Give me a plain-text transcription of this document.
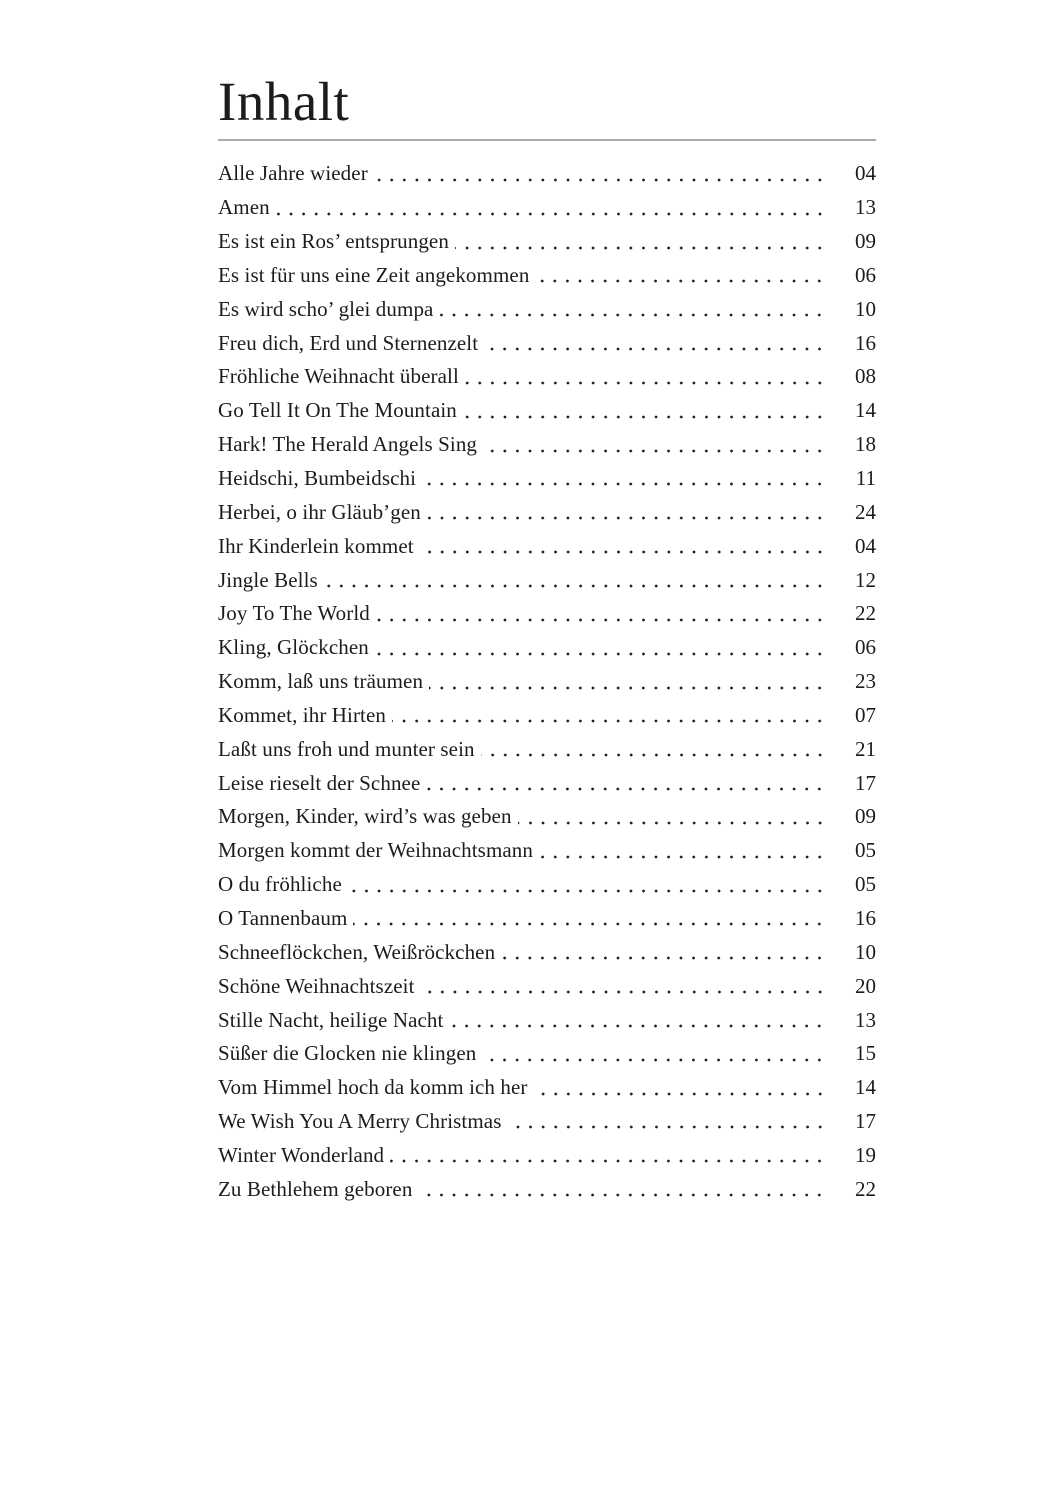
Inhalt
Alle Jahre wieder	04
Amen	13
Es ist ein Ros’ entsprungen	09
Es ist für uns eine Zeit angekommen	06
Es wird scho’ glei dumpa	10
Freu dich, Erd und Sternenzelt	16
Fröhliche Weihnacht überall	08
Go Tell It On The Mountain	14
Hark! The Herald Angels Sing	18
Heidschi, Bumbeidschi	11
Herbei, o ihr Gläub’gen	24
Ihr Kinderlein kommet	04
Jingle Bells	12
Joy To The World	22
Kling, Glöckchen	06
Komm, laß uns träumen	23
Kommet, ihr Hirten	07
Laßt uns froh und munter sein	21
Leise rieselt der Schnee	17
Morgen, Kinder, wird’s was geben	09
Morgen kommt der Weihnachtsmann	05
O du fröhliche	05
O Tannenbaum	16
Schneeflöckchen, Weißröckchen	10
Schöne Weihnachtszeit	20
Stille Nacht, heilige Nacht	13
Süßer die Glocken nie klingen	15
Vom Himmel hoch da komm ich her	14
We Wish You A Merry Christmas	17
Winter Wonderland	19
Zu Bethlehem geboren	22
